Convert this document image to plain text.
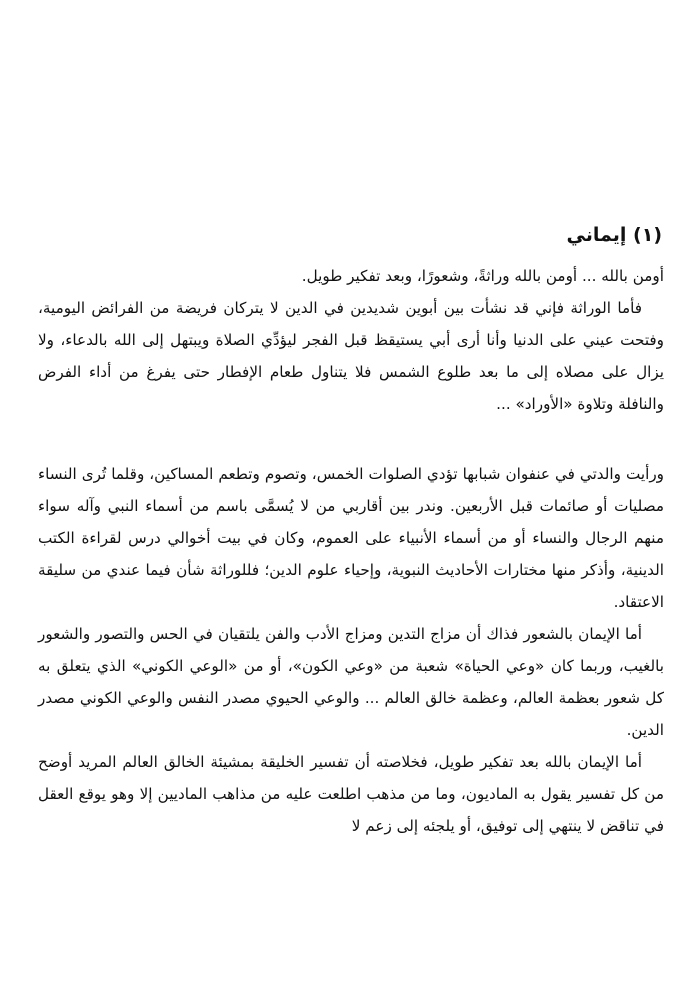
(١) إيماني

أومن بالله ... أومن بالله وراثةً، وشعورًا، وبعد تفكير طويل.

فأما الوراثة فإني قد نشأت بين أبوين شديدين في الدين لا يتركان فريضة من الفرائض اليومية، وفتحت عيني على الدنيا وأنا أرى أبي يستيقظ قبل الفجر ليؤدِّي الصلاة ويبتهل إلى الله بالدعاء، ولا يزال على مصلاه إلى ما بعد طلوع الشمس فلا يتناول طعام الإفطار حتى يفرغ من أداء الفرض والنافلة وتلاوة «الأوراد» ...

ورأيت والدتي في عنفوان شبابها تؤدي الصلوات الخمس، وتصوم وتطعم المساكين، وقلما تُرى النساء مصليات أو صائمات قبل الأربعين. وندر بين أقاربي من لا يُسمَّى باسم من أسماء النبي وآله سواء منهم الرجال والنساء أو من أسماء الأنبياء على العموم، وكان في بيت أخوالي درس لقراءة الكتب الدينية، وأذكر منها مختارات الأحاديث النبوية، وإحياء علوم الدين؛ فللوراثة شأن فيما عندي من سليقة الاعتقاد.

أما الإيمان بالشعور فذاك أن مزاج التدين ومزاج الأدب والفن يلتقيان في الحس والتصور والشعور بالغيب، وربما كان «وعي الحياة» شعبة من «وعي الكون»، أو من «الوعي الكوني» الذي يتعلق به كل شعور بعظمة العالم، وعظمة خالق العالم ... والوعي الحيوي مصدر النفس والوعي الكوني مصدر الدين.

أما الإيمان بالله بعد تفكير طويل، فخلاصته أن تفسير الخليقة بمشيئة الخالق العالم المريد أوضح من كل تفسير يقول به الماديون، وما من مذهب اطلعت عليه من مذاهب الماديين إلا وهو يوقع العقل في تناقض لا ينتهي إلى توفيق، أو يلجئه إلى زعم لا
